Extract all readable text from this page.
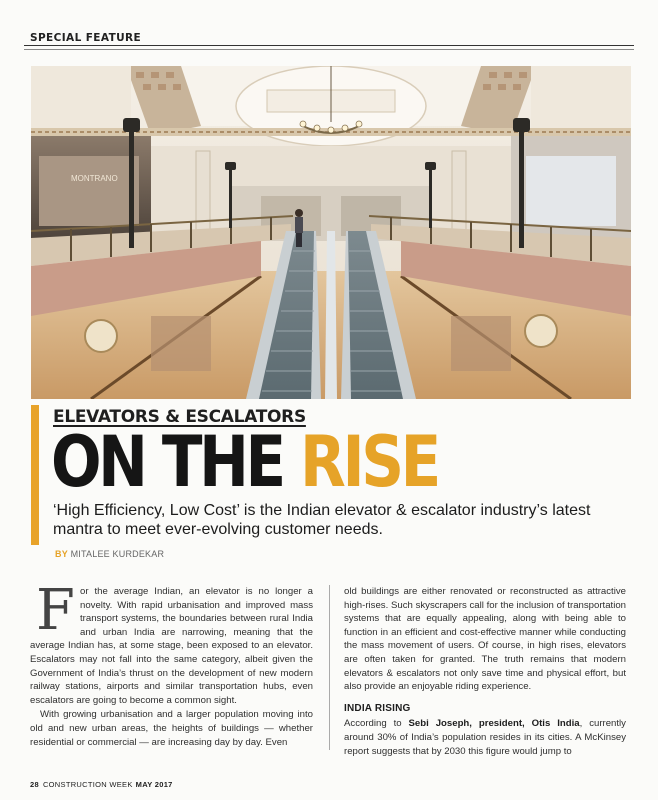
SPECIAL FEATURE
MONTRANO
ELEVATORS & ESCALATORS
ON THE RISE
‘High Efficiency, Low Cost’ is the Indian elevator & escalator industry’s latest mantra to meet ever-evolving customer needs.
BY MITALEE KURDEKAR

For the average Indian, an elevator is no longer a novelty. With rapid urbanisation and improved mass transport systems, the boundaries between rural India and urban India are narrowing, meaning that the average Indian has, at some stage, been exposed to an elevator. Escalators may not fall into the same category, albeit given the Government of India’s thrust on the development of new modern railway stations, airports and similar transportation hubs, even escalators are going to become a common sight.

With growing urbanisation and a larger population moving into old and new urban areas, the heights of buildings — whether residential or commercial — are increasing day by day. Even

old buildings are either renovated or reconstructed as attractive high-rises. Such skyscrapers call for the inclusion of transportation systems that are equally appealing, along with being able to function in an efficient and cost-effective manner while conducting the mass movement of users. Of course, in high rises, elevators are often taken for granted. The truth remains that modern elevators & escalators not only save time and physical effort, but also provide an enjoyable riding experience.

INDIA RISING

According to Sebi Joseph, president, Otis India, currently around 30% of India’s population resides in its cities. A McKinsey report suggests that by 2030 this figure would jump to

28 CONSTRUCTION WEEK MAY 2017
